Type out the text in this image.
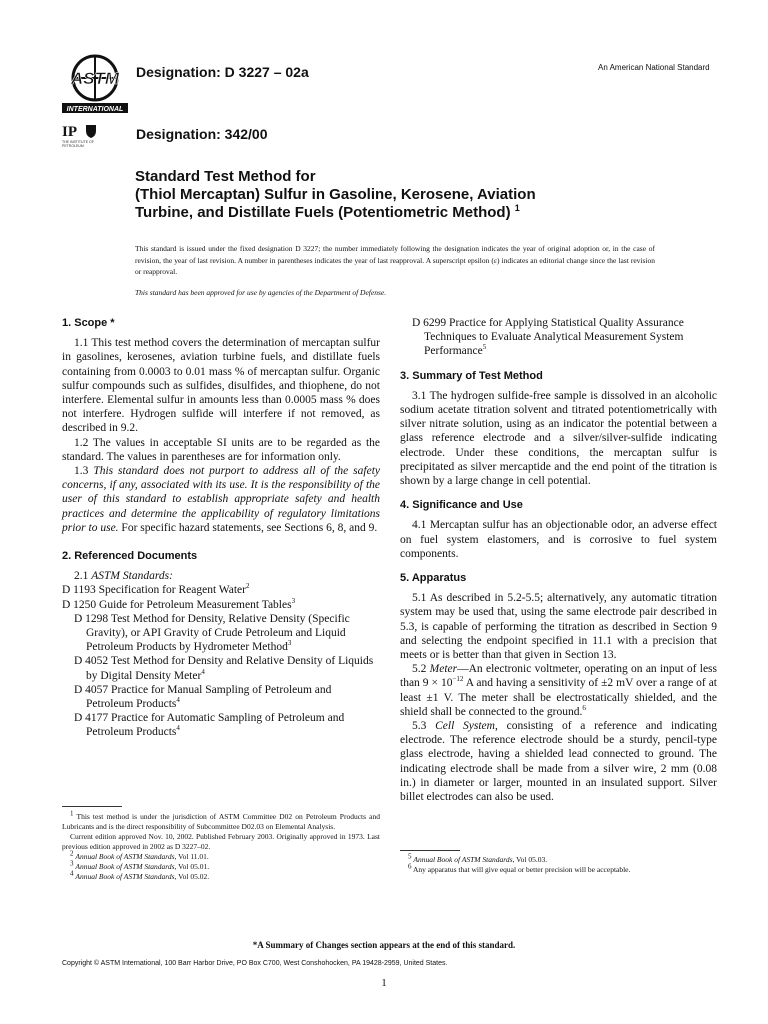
ASTM
INTERNATIONAL
IP
THE INSTITUTE OF PETROLEUM
Designation: D 3227 – 02a
Designation: 342/00
An American National Standard
Standard Test Method for
(Thiol Mercaptan) Sulfur in Gasoline, Kerosene, Aviation
Turbine, and Distillate Fuels (Potentiometric Method) $^1$
This standard is issued under the fixed designation D 3227; the number immediately following the designation indicates the year of original adoption or, in the case of revision, the year of last revision. A number in parentheses indicates the year of last reapproval. A superscript epsilon (ε) indicates an editorial change since the last revision or reapproval.
This standard has been approved for use by agencies of the Department of Defense.
1. Scope *

1.1 This test method covers the determination of mercaptan sulfur in gasolines, kerosenes, aviation turbine fuels, and distillate fuels containing from 0.0003 to 0.01 mass % of mercaptan sulfur. Organic sulfur compounds such as sulfides, disulfides, and thiophene, do not interfere. Elemental sulfur in amounts less than 0.0005 mass % does not interfere. Hydrogen sulfide will interfere if not removed, as described in 9.2.

1.2 The values in acceptable SI units are to be regarded as the standard. The values in parentheses are for information only.

1.3 This standard does not purport to address all of the safety concerns, if any, associated with its use. It is the responsibility of the user of this standard to establish appropriate safety and health practices and determine the applicability of regulatory limitations prior to use. For specific hazard statements, see Sections 6, 8, and 9.

2. Referenced Documents

2.1 ASTM Standards:

D 1193 Specification for Reagent Water$^2$

D 1250 Guide for Petroleum Measurement Tables$^3$

D 1298 Test Method for Density, Relative Density (Specific Gravity), or API Gravity of Crude Petroleum and Liquid Petroleum Products by Hydrometer Method$^3$

D 4052 Test Method for Density and Relative Density of Liquids by Digital Density Meter$^4$

D 4057 Practice for Manual Sampling of Petroleum and Petroleum Products$^4$

D 4177 Practice for Automatic Sampling of Petroleum and Petroleum Products$^4$

D 6299 Practice for Applying Statistical Quality Assurance Techniques to Evaluate Analytical Measurement System Performance$^5$

3. Summary of Test Method

3.1 The hydrogen sulfide-free sample is dissolved in an alcoholic sodium acetate titration solvent and titrated potentiometrically with silver nitrate solution, using as an indicator the potential between a glass reference electrode and a silver/silver-sulfide indicating electrode. Under these conditions, the mercaptan sulfur is precipitated as silver mercaptide and the end point of the titration is shown by a large change in cell potential.

4. Significance and Use

4.1 Mercaptan sulfur has an objectionable odor, an adverse effect on fuel system elastomers, and is corrosive to fuel system components.

5. Apparatus

5.1 As described in 5.2-5.5; alternatively, any automatic titration system may be used that, using the same electrode pair described in 5.3, is capable of performing the titration as described in Section 9 and selecting the endpoint specified in 11.1 with a precision that meets or is better than that given in Section 13.

5.2 Meter—An electronic voltmeter, operating on an input of less than $9 \times 10^{-12}$ A and having a sensitivity of ±2 mV over a range of at least ±1 V. The meter shall be electrostatically shielded, and the shield shall be connected to the ground.$^6$

5.3 Cell System, consisting of a reference and indicating electrode. The reference electrode should be a sturdy, pencil-type glass electrode, having a shielded lead connected to ground. The indicating electrode shall be made from a silver wire, 2 mm (0.08 in.) in diameter or larger, mounted in an insulated support. Silver billet electrodes can also be used.

$^1$ This test method is under the jurisdiction of ASTM Committee D02 on Petroleum Products and Lubricants and is the direct responsibility of Subcommittee D02.03 on Elemental Analysis.

Current edition approved Nov. 10, 2002. Published February 2003. Originally approved in 1973. Last previous edition approved in 2002 as D 3227–02.

$^2$ Annual Book of ASTM Standards, Vol 11.01.

$^3$ Annual Book of ASTM Standards, Vol 05.01.

$^4$ Annual Book of ASTM Standards, Vol 05.02.

$^5$ Annual Book of ASTM Standards, Vol 05.03.

$^6$ Any apparatus that will give equal or better precision will be acceptable.

*A Summary of Changes section appears at the end of this standard.
Copyright © ASTM International, 100 Barr Harbor Drive, PO Box C700, West Conshohocken, PA 19428-2959, United States.
1
